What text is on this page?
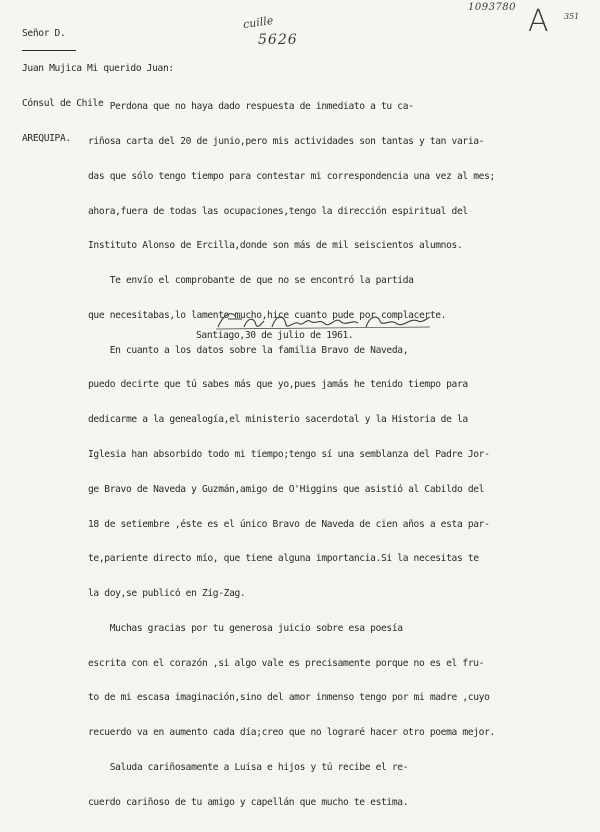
Señor D.

Juan Mujica

Cónsul de Chile

AREQUIPA.

cuille
5626
1093780 A 351
Mi querido Juan:

Perdona que no haya dado respuesta de inmediato a tu ca-

riñosa carta del 20 de junio,pero mis actividades son tantas y tan varia-

das que sólo tengo tiempo para contestar mi correspondencia una vez al mes;

ahora,fuera de todas las ocupaciones,tengo la dirección espiritual del

Instituto Alonso de Ercilla,donde son más de mil seiscientos alumnos.

Te envío el comprobante de que no se encontró la partida

que necesitabas,lo lamento mucho,hice cuanto pude por complacerte.

En cuanto a los datos sobre la familia Bravo de Naveda,

puedo decirte que tú sabes más que yo,pues jamás he tenido tiempo para

dedicarme a la genealogía,el ministerio sacerdotal y la Historia de la

Iglesia han absorbido todo mi tiempo;tengo sí una semblanza del Padre Jor-

ge Bravo de Naveda y Guzmán,amigo de O'Higgins que asistió al Cabildo del

18 de setiembre ,éste es el único Bravo de Naveda de cien años a esta par-

te,pariente directo mío, que tiene alguna importancia.Si la necesitas te

la doy,se publicó en Zig-Zag.

Muchas gracias por tu generosa juicio sobre esa poesía

escrita con el corazón ,si algo vale es precisamente porque no es el fru-

to de mi escasa imaginación,sino del amor inmenso tengo por mi madre ,cuyo

recuerdo va en aumento cada día;creo que no lograré hacer otro poema mejor.

Saluda cariñosamente a Luisa e hijos y tú recibe el re-

cuerdo cariñoso de tu amigo y capellán que mucho te estima.

Santiago,30 de julio de 1961.
